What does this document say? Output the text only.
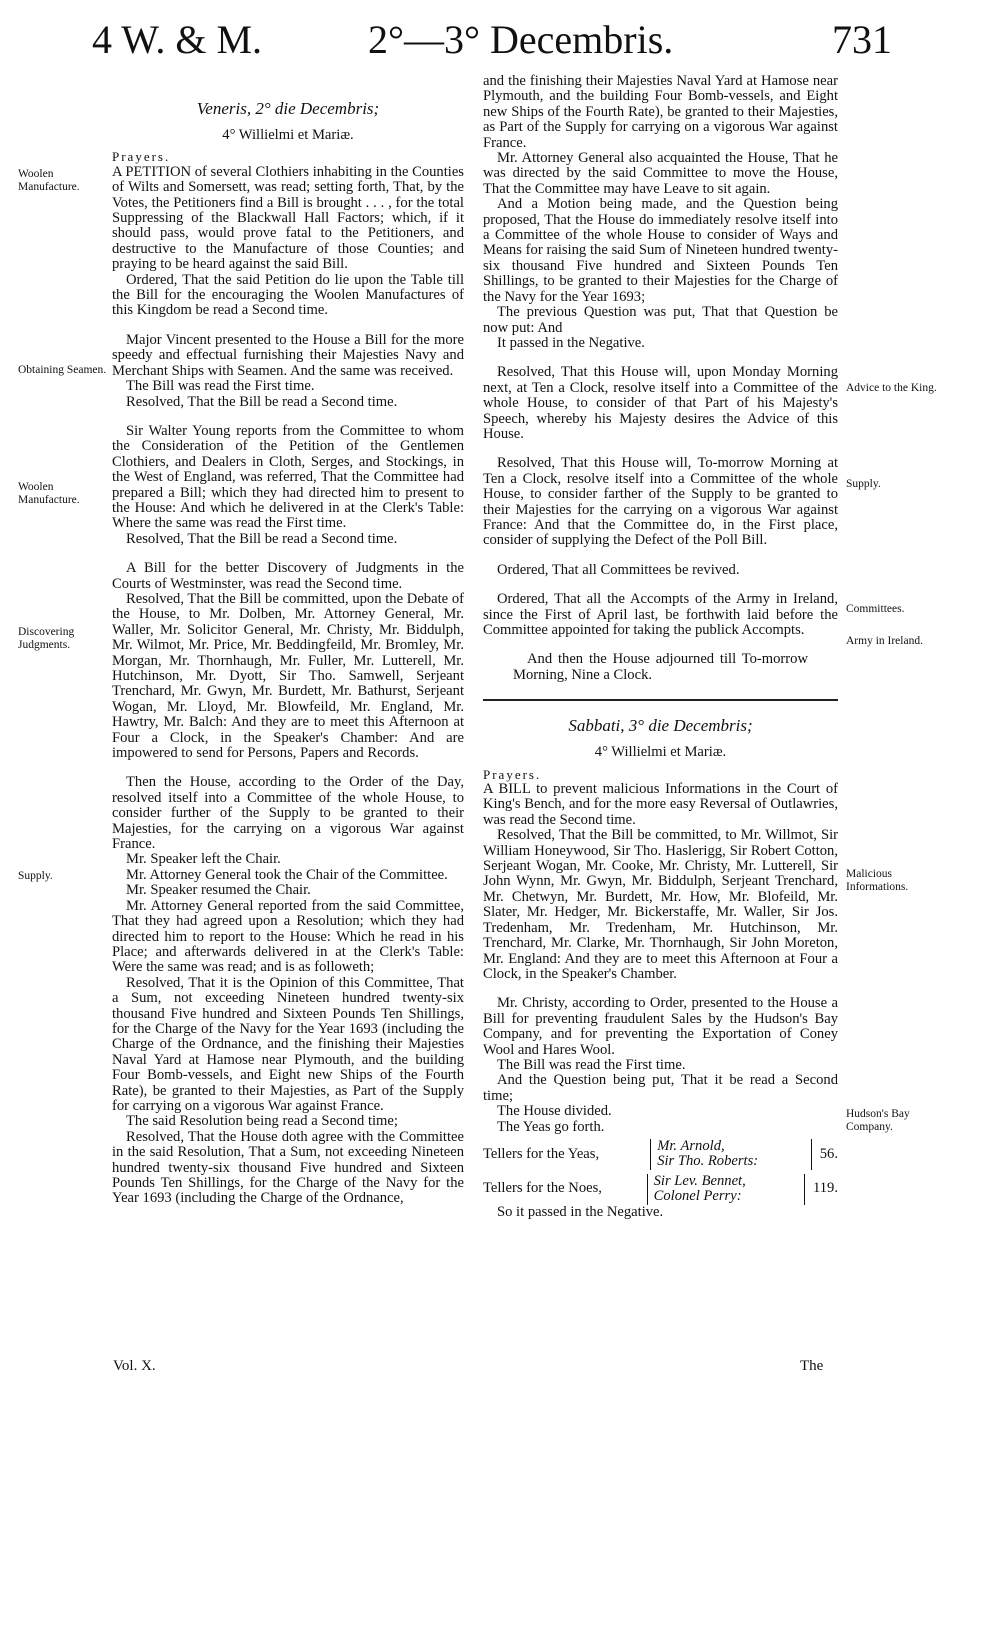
4 W. & M.	2°—3° Decembris.	731
Woolen Manufacture.
Obtaining Seamen.
Woolen Manufacture.
Discovering Judgments.
Supply.
Advice to the King.
Supply.
Committees.
Army in Ireland.
Malicious Informations.
Hudson's Bay Company.
Veneris, 2° die Decembris;
4° Willielmi et Mariæ.
Prayers.

A PETITION of several Clothiers inhabiting in the Counties of Wilts and Somersett, was read; setting forth, That, by the Votes, the Petitioners find a Bill is brought . . . , for the total Suppressing of the Blackwall Hall Factors; which, if it should pass, would prove fatal to the Petitioners, and destructive to the Manufacture of those Counties; and praying to be heard against the said Bill.

Ordered, That the said Petition do lie upon the Table till the Bill for the encouraging the Woolen Manufactures of this Kingdom be read a Second time.

Major Vincent presented to the House a Bill for the more speedy and effectual furnishing their Majesties Navy and Merchant Ships with Seamen. And the same was received.

The Bill was read the First time.

Resolved, That the Bill be read a Second time.

Sir Walter Young reports from the Committee to whom the Consideration of the Petition of the Gentlemen Clothiers, and Dealers in Cloth, Serges, and Stockings, in the West of England, was referred, That the Committee had prepared a Bill; which they had directed him to present to the House: And which he delivered in at the Clerk's Table: Where the same was read the First time.

Resolved, That the Bill be read a Second time.

A Bill for the better Discovery of Judgments in the Courts of Westminster, was read the Second time.

Resolved, That the Bill be committed, upon the Debate of the House, to Mr. Dolben, Mr. Attorney General, Mr. Waller, Mr. Solicitor General, Mr. Christy, Mr. Biddulph, Mr. Wilmot, Mr. Price, Mr. Beddingfeild, Mr. Bromley, Mr. Morgan, Mr. Thornhaugh, Mr. Fuller, Mr. Lutterell, Mr. Hutchinson, Mr. Dyott, Sir Tho. Samwell, Serjeant Trenchard, Mr. Gwyn, Mr. Burdett, Mr. Bathurst, Serjeant Wogan, Mr. Lloyd, Mr. Blowfeild, Mr. England, Mr. Hawtry, Mr. Balch: And they are to meet this Afternoon at Four a Clock, in the Speaker's Chamber: And are impowered to send for Persons, Papers and Records.

Then the House, according to the Order of the Day, resolved itself into a Committee of the whole House, to consider further of the Supply to be granted to their Majesties, for the carrying on a vigorous War against France.

Mr. Speaker left the Chair.

Mr. Attorney General took the Chair of the Committee.

Mr. Speaker resumed the Chair.

Mr. Attorney General reported from the said Committee, That they had agreed upon a Resolution; which they had directed him to report to the House: Which he read in his Place; and afterwards delivered in at the Clerk's Table: Were the same was read; and is as followeth;

Resolved, That it is the Opinion of this Committee, That a Sum, not exceeding Nineteen hundred twenty-six thousand Five hundred and Sixteen Pounds Ten Shillings, for the Charge of the Navy for the Year 1693 (including the Charge of the Ordnance, and the finishing their Majesties Naval Yard at Hamose near Plymouth, and the building Four Bomb-vessels, and Eight new Ships of the Fourth Rate), be granted to their Majesties, as Part of the Supply for carrying on a vigorous War against France.

The said Resolution being read a Second time;

Resolved, That the House doth agree with the Committee in the said Resolution, That a Sum, not exceeding Nineteen hundred twenty-six thousand Five hundred and Sixteen Pounds Ten Shillings, for the Charge of the Navy for the Year 1693 (including the Charge of the Ordnance,

and the finishing their Majesties Naval Yard at Hamose near Plymouth, and the building Four Bomb-vessels, and Eight new Ships of the Fourth Rate), be granted to their Majesties, as Part of the Supply for carrying on a vigorous War against France.

Mr. Attorney General also acquainted the House, That he was directed by the said Committee to move the House, That the Committee may have Leave to sit again.

And a Motion being made, and the Question being proposed, That the House do immediately resolve itself into a Committee of the whole House to consider of Ways and Means for raising the said Sum of Nineteen hundred twenty-six thousand Five hundred and Sixteen Pounds Ten Shillings, to be granted to their Majesties for the Charge of the Navy for the Year 1693;

The previous Question was put, That that Question be now put: And

It passed in the Negative.

Resolved, That this House will, upon Monday Morning next, at Ten a Clock, resolve itself into a Committee of the whole House, to consider of that Part of his Majesty's Speech, whereby his Majesty desires the Advice of this House.

Resolved, That this House will, To-morrow Morning at Ten a Clock, resolve itself into a Committee of the whole House, to consider farther of the Supply to be granted to their Majesties for the carrying on a vigorous War against France: And that the Committee do, in the First place, consider of supplying the Defect of the Poll Bill.

Ordered, That all Committees be revived.

Ordered, That all the Accompts of the Army in Ireland, since the First of April last, be forthwith laid before the Committee appointed for taking the publick Accompts.

And then the House adjourned till To-morrow Morning, Nine a Clock.

Sabbati, 3° die Decembris;
4° Willielmi et Mariæ.
Prayers.

A BILL to prevent malicious Informations in the Court of King's Bench, and for the more easy Reversal of Outlawries, was read the Second time.

Resolved, That the Bill be committed, to Mr. Willmot, Sir William Honeywood, Sir Tho. Haslerigg, Sir Robert Cotton, Serjeant Wogan, Mr. Cooke, Mr. Christy, Mr. Lutterell, Sir John Wynn, Mr. Gwyn, Mr. Biddulph, Serjeant Trenchard, Mr. Chetwyn, Mr. Burdett, Mr. How, Mr. Blofeild, Mr. Slater, Mr. Hedger, Mr. Bickerstaffe, Mr. Waller, Sir Jos. Tredenham, Mr. Tredenham, Mr. Hutchinson, Mr. Trenchard, Mr. Clarke, Mr. Thornhaugh, Sir John Moreton, Mr. England: And they are to meet this Afternoon at Four a Clock, in the Speaker's Chamber.

Mr. Christy, according to Order, presented to the House a Bill for preventing fraudulent Sales by the Hudson's Bay Company, and for preventing the Exportation of Coney Wool and Hares Wool.

The Bill was read the First time.

And the Question being put, That it be read a Second time;

The House divided.

The Yeas go forth.

Tellers for the Yeas,	Mr. Arnold,
Sir Tho. Roberts:	56.
Tellers for the Noes,	Sir Lev. Bennet,
Colonel Perry:	119.

So it passed in the Negative.

Vol. X.	The
